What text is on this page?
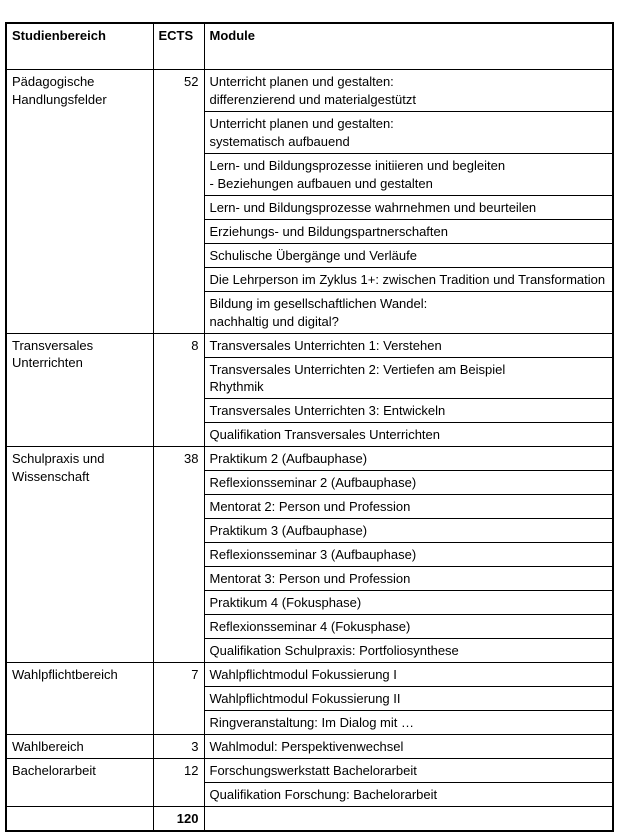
Studienbereich	ECTS	Module
Pädagogische Handlungsfelder	52	Unterricht planen und gestalten:
differenzierend und materialgestützt

		Unterricht planen und gestalten:
systematisch aufbauend

		Lern- und Bildungsprozesse initiieren und begleiten
- Beziehungen aufbauen und gestalten

		Lern- und Bildungsprozesse wahrnehmen und beurteilen

		Erziehungs- und Bildungspartnerschaften

		Schulische Übergänge und Verläufe

		Die Lehrperson im Zyklus 1+: zwischen Tradition und Transformation

		Bildung im gesellschaftlichen Wandel:
nachhaltig und digital?

Transversales Unterrichten	8	Transversales Unterrichten 1: Verstehen

		Transversales Unterrichten 2: Vertiefen am Beispiel
Rhythmik

		Transversales Unterrichten 3: Entwickeln

		Qualifikation Transversales Unterrichten

Schulpraxis und Wissenschaft	38	Praktikum 2 (Aufbauphase)

		Reflexionsseminar 2 (Aufbauphase)

		Mentorat 2: Person und Profession

		Praktikum 3 (Aufbauphase)

		Reflexionsseminar 3 (Aufbauphase)

		Mentorat 3: Person und Profession

		Praktikum 4 (Fokusphase)

		Reflexionsseminar 4 (Fokusphase)

		Qualifikation Schulpraxis: Portfoliosynthese

Wahlpflichtbereich	7	Wahlpflichtmodul Fokussierung I

		Wahlpflichtmodul Fokussierung II

		Ringveranstaltung: Im Dialog mit …

Wahlbereich	3	Wahlmodul: Perspektivenwechsel

Bachelorarbeit	12	Forschungswerkstatt Bachelorarbeit

		Qualifikation Forschung: Bachelorarbeit

	120	
